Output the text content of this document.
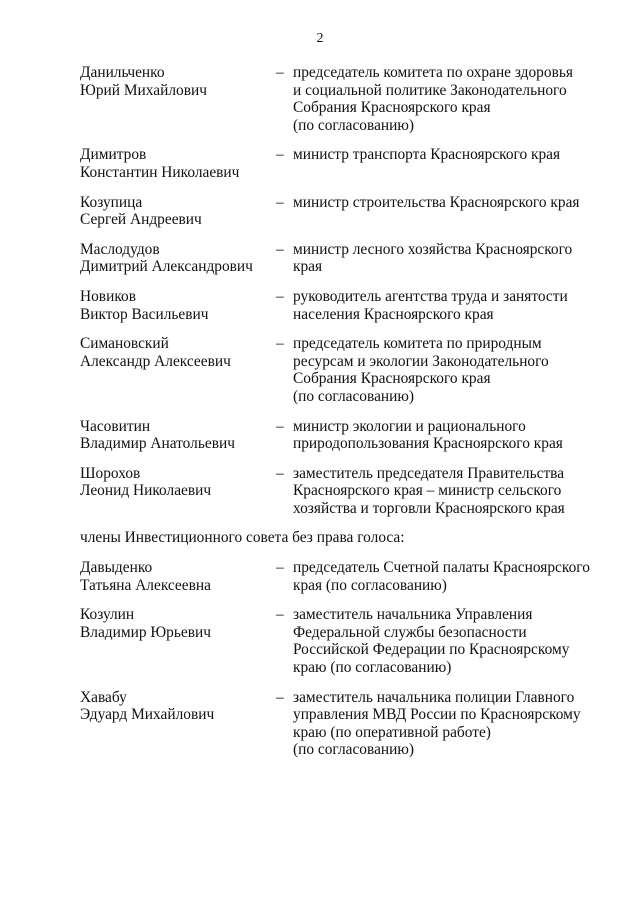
2
Данильченко
Юрий Михайлович
– председатель комитета по охране здоровья
и социальной политике Законодательного
Собрания Красноярского края
(по согласованию)
Димитров
Константин Николаевич
– министр транспорта Красноярского края
Козупица
Сергей Андреевич
– министр строительства Красноярского края
Маслодудов
Димитрий Александрович
– министр лесного хозяйства Красноярского
края
Новиков
Виктор Васильевич
– руководитель агентства труда и занятости
населения Красноярского края
Симановский
Александр Алексеевич
– председатель комитета по природным
ресурсам и экологии Законодательного
Собрания Красноярского края
(по согласованию)
Часовитин
Владимир Анатольевич
– министр экологии и рационального
природопользования Красноярского края
Шорохов
Леонид Николаевич
– заместитель председателя Правительства
Красноярского края – министр сельского
хозяйства и торговли Красноярского края
члены Инвестиционного совета без права голоса:
Давыденко
Татьяна Алексеевна
– председатель Счетной палаты Красноярского
края (по согласованию)
Козулин
Владимир Юрьевич
– заместитель начальника Управления
Федеральной службы безопасности
Российской Федерации по Красноярскому
краю (по согласованию)
Хавабу
Эдуард Михайлович
– заместитель начальника полиции Главного
управления МВД России по Красноярскому
краю (по оперативной работе)
(по согласованию)
